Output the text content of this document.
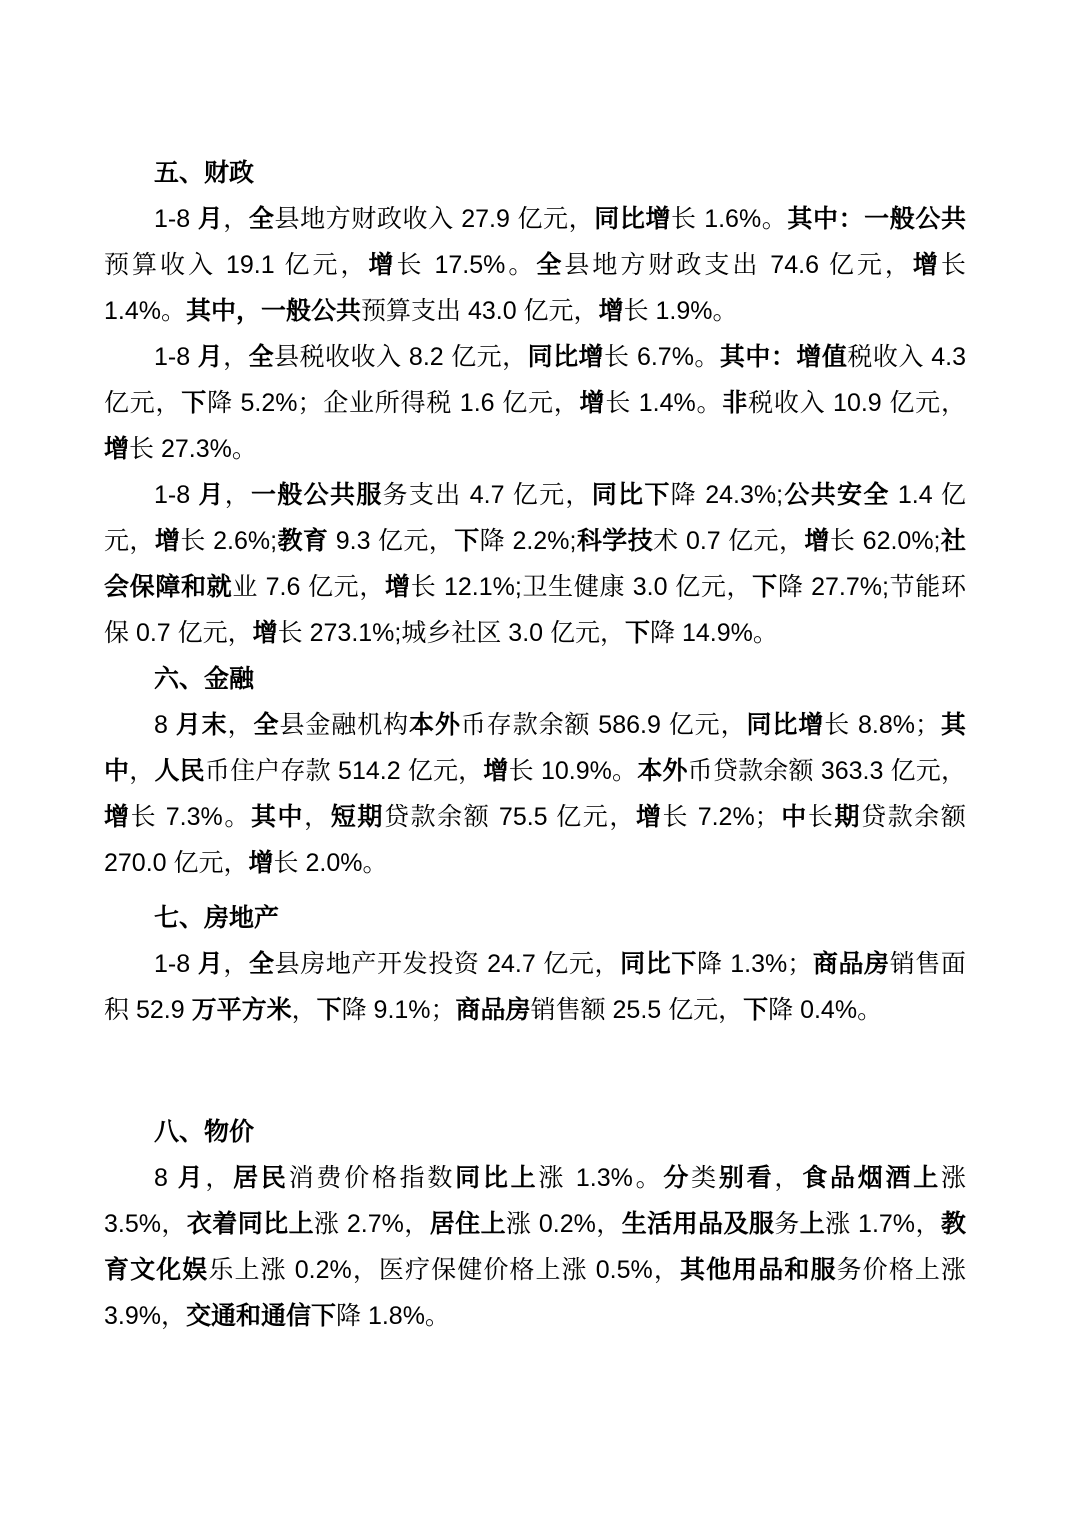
五、财政

1-8 月，全县地方财政收入 27.9 亿元，同比增长 1.6%。其中：一般公共预算收入 19.1 亿元，增长 17.5%。全县地方财政支出 74.6 亿元，增长 1.4%。其中，一般公共预算支出 43.0 亿元，增长 1.9%。

1-8 月，全县税收收入 8.2 亿元，同比增长 6.7%。其中：增值税收入 4.3 亿元，下降 5.2%；企业所得税 1.6 亿元，增长 1.4%。非税收入 10.9 亿元，增长 27.3%。

1-8 月，一般公共服务支出 4.7 亿元，同比下降 24.3%;公共安全 1.4 亿元，增长 2.6%;教育 9.3 亿元，下降 2.2%;科学技术 0.7 亿元，增长 62.0%;社会保障和就业 7.6 亿元，增长 12.1%;卫生健康 3.0 亿元，下降 27.7%;节能环保 0.7 亿元，增长 273.1%;城乡社区 3.0 亿元，下降 14.9%。

六、金融

8 月末，全县金融机构本外币存款余额 586.9 亿元，同比增长 8.8%；其中，人民币住户存款 514.2 亿元，增长 10.9%。本外币贷款余额 363.3 亿元，增长 7.3%。其中，短期贷款余额 75.5 亿元，增长 7.2%；中长期贷款余额 270.0 亿元，增长 2.0%。

七、房地产

1-8 月，全县房地产开发投资 24.7 亿元，同比下降 1.3%；商品房销售面积 52.9 万平方米，下降 9.1%；商品房销售额 25.5 亿元，下降 0.4%。

八、物价

8 月，居民消费价格指数同比上涨 1.3%。分类别看，食品烟酒上涨 3.5%，衣着同比上涨 2.7%，居住上涨 0.2%，生活用品及服务上涨 1.7%，教育文化娱乐上涨 0.2%，医疗保健价格上涨 0.5%，其他用品和服务价格上涨 3.9%，交通和通信下降 1.8%。
